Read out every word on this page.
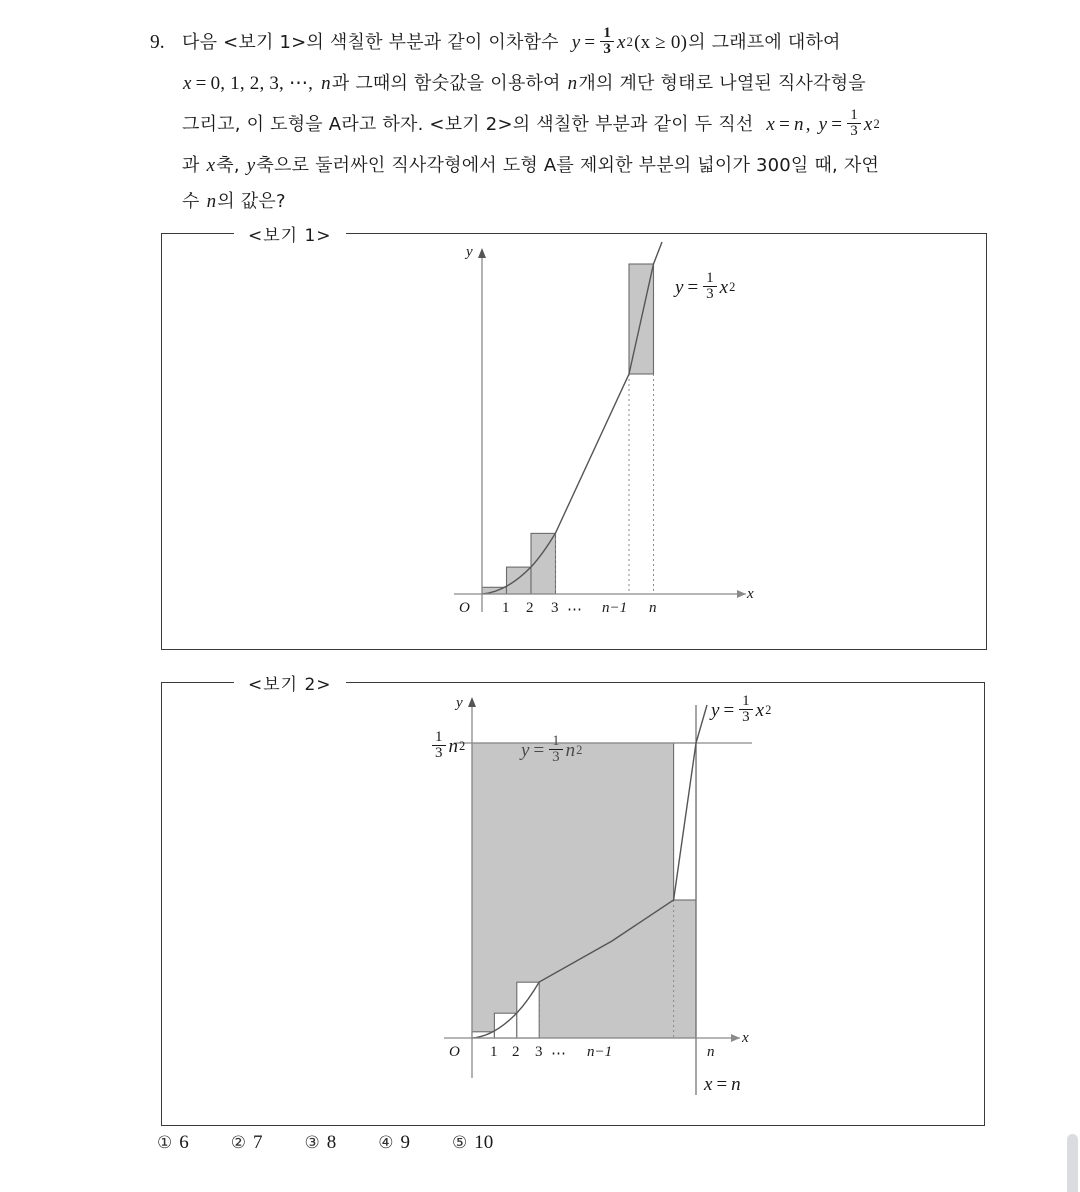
9. 다음 <보기 1>의 색칠한 부분과 같이 이차함수 $y = \frac{1}{3}$ x 2 (x ≥ 0) 의 그래프에 대하여
x = 0, 1, 2, 3, ⋯, n 과 그때의 함숫값을 이용하여 n 개의 계단 형태로 나열된 직사각형을
그리고, 이 도형을 A라고 하자. <보기 2>의 색칠한 부분과 같이 두 직선 x = n , $y = \frac{1}{3}$ x 2
과 x 축, y 축으로 둘러싸인 직사각형에서 도형 A를 제외한 부분의 넓이가 300일 때, 자연
수 n 의 값은?
<보기 1>
y
x
O 1 2 3 ⋯ n−1 n
$y = \frac{1}{3}$ x 2
<보기 2>
y
x
O 1 2 3 ⋯ n−1	n
$\frac{1}{3}$ n 2	$y = \frac{1}{3}$ n 2
$y = \frac{1}{3}$ x 2
x = n
① 6 ② 7 ③ 8 ④ 9 ⑤ 10
